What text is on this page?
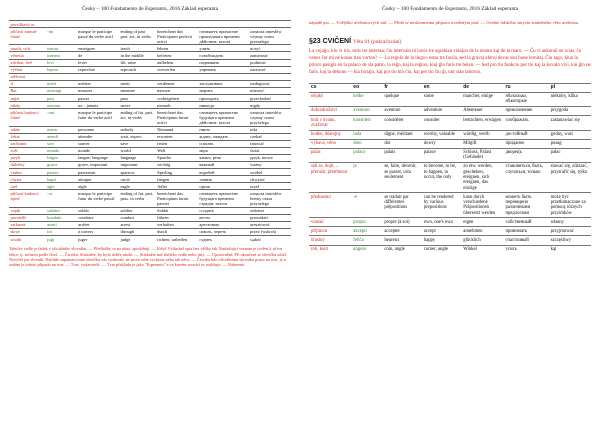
Česky – 100 Fundamento de Esperanto, 2016 Základ esperanta
provilhavit ac						
přičastí minule čínné	-int	marque le participe passé du verbe actif	ending of past part. act. in verbs	bezeichnet das Participium perfecti activi	означаетъ причастие прошедшаго времени дѣйствит. залога	oznacza imiesłów czynny czasu przeszłego
naučit, učit	instrui	enseigner	teach	lehren	учить	uczyć
věnesla	intermi	de	in the middle	befreien	освобождать	zamierzać
zdvihat, hvě	levi	lever	lift, raise	aufheben	поднимать	podnosić
výčitat	leporo	reprocher	reproach	vorwerfen	упрекать	zarzucać
ztěžovat						
il	merit	mériter	merit	verdienen	заслуживать	zasługiwać
Bat	mezurgi	mesurer	measure	messen	мерить	mierzyć
míjet	pasi	passer	pass	vorbeigehen	проходить	przechodzić
nikdy	neniam	ne... jamais	never	niemals	никогда	nigdy
přičastí budoucí činné	-ont	marque le participe futur du verbe actif	ending of fut. part. act. in verbs	bezeichnet das Participium futuri activi	означаетъ причастие будущаго времени дѣйствит. залога	oznacza imiesłów czynny czasu przyszłego
nikdo	neniu	personne	nobody	Niemand	никто	nikt
čekat	atendi	attendre	wait, expect	erwarten	ждать, ожидать	czekać
zachránit	savi	sauver	save	retten	спасать	ratować
svět	mondo	monde	world	Welt	мiръ	świat
jazyk	lingvo	langue, language	language	Sprache	языкъ, речь	język, mowa
důležitý	grava	grave, important	important	wichtig	важный	ważny
vrabec	pasero	passereau	sparrow	Sperling	воробей	wróbel
chytat	kapti	attraper	catch	fangen	ловить	chwytać
orel	aglo	aigle	eagle	Adler	орелъ	orzeł
přičastí budoucí trpné	-ot	marque le participe futur du verbe passif	ending of fut. part. pass. in verbs	bezeichnet das Participium futuri passivi	означаетъ причастие будущаго времени страдат. залога	oznacza imiesłów bierny czasu przyszłego
voják	soldato	soldat	soldier	Soldat	солдатъ	żołnierz
provádět	konduki	conduire	conduct	führen	вести	prowadzić
zatknout	aresti	arrêter	arrest	verhaften	арестовать	aresztować
skrze	tra	à travers	through	durch	сквозь, черезъ	przez (wskroś)
soudit	juĝi	juger	judge	richten, urtheilen	судить	sądzić
Tabulce vedle je řádek z oficiálního slovníku. — Předložky se na akuz. zpodobují. — Když Výtlushel opis bez váliky tak Nasledující seznam je tvořen k učivu lekce, tj. seřazen podle čísel. — Čtvrtka: Stiskněte, by bylo dobře uložit. — Stiskněte nač tlačítko vedle nebo jiný. — Upozornění: Při ukončení se slovíčka uloží. Nevyšel jen slovník. Nejhůře zapamatovaná slovíčka vás vyzkouší, ne proto sebe vychytat nebo tak něco. — Čtvrtka kdo oficiálnímu slovníku pozor na text, je u zadání je tohoto případu na tvar. — Tvar, vydavatelé. — Tvar překladu je jako "Esperanto" a ve kterém souvisí se rozlišuje. — Nalezeno.
Česky – 100 Fundamento de Esperanto, 2016 Základ esperanta
nápadě pro — Vnějšího učebnicových nál. — Přidá se nesklonnému přípono uvedeným pod. — Oceňte lidského smyslu zmíněného větu ucelenou.
§23 CVIČENÍ Věta 01 (pokračování)
La vojaĝo, kiu vi iris, estis tre interesa; ĉiu intervalo ni havis tre agrablan vidaĵon de la monto kaj de la maro. — Ĉu vi ankoraŭ ne scias, ĉu venos ĉar mi ne konas tian vorton? — La regulo de la lingvo estas tre facila, sed la gravaj aferoj devas esti bone lernitaj. Ĉiu tago, kiun la princo pasigis en la palaco de sia patro, la reĝo, kaj la reĝino, kiuj ĝin faris tre belan. — Sed pro tiu funkcio por tio kaj la kuvalo vivi, kiu ĝin ne faris, kaj la dekono — kia fortaĵo, kaj por tio kio ĉiu, kaj per tio ĉiu ĝi, nur sian laboron.
cs	eo	fr	en	de	ru	pl
nějaký	kelke	quelque	some	mancher, einige	нѣсколько, нѣкоторые	niektóry, kilka
dobrodružství	aventuro	aventure	adventure	Abenteuer	приключение	przygoda
brát v úvahu, zvažovat	konsideri	considérer	consider	betrachten, erwägen	соображать	zastanawiać się
hoden, důstojný	inda	digne, méritant	worthy, valuable	würdig, werth	достойный	godny, wart
výbava, věno	doto	dot	dowry	Mitgift	приданое	posag
palác	palaco	palais	palace	Schloss, Palast (Gebäude)	дворецъ	pałac
stát se, dojít, ... přerušit, přetrhnout	je	se, faire, devenir, se passer, cela seulement	to become, to be, to happen, to occur, the only	zu etw. werden, geschehen, ereignen, sich ereignen, das einzige	становиться, быть, случаться, только	stawać się, zdarzać, przytrafić się, tylko
přednostní	-e	se traduit par différentes prépositions	can be rendered by various prepositions	kann durch verschiedene Präpositionen übersetzt werden	можетъ быть переведено различными предлогами	może być przetłumaczone za pomocą różnych przyimków
vlastní	propra	propre (à soi)	own, one's own	eigen	собственный	własny
přijmout	akcepti	accepter	accept	annehmen	принимать	przyjmować
šťastný	feliĉa	heureux	happy	glücklich	счастливый	szczęśliwy
roh, kout	angulo	coin, angle	corner, angle	Winkel	уголъ	kąt
